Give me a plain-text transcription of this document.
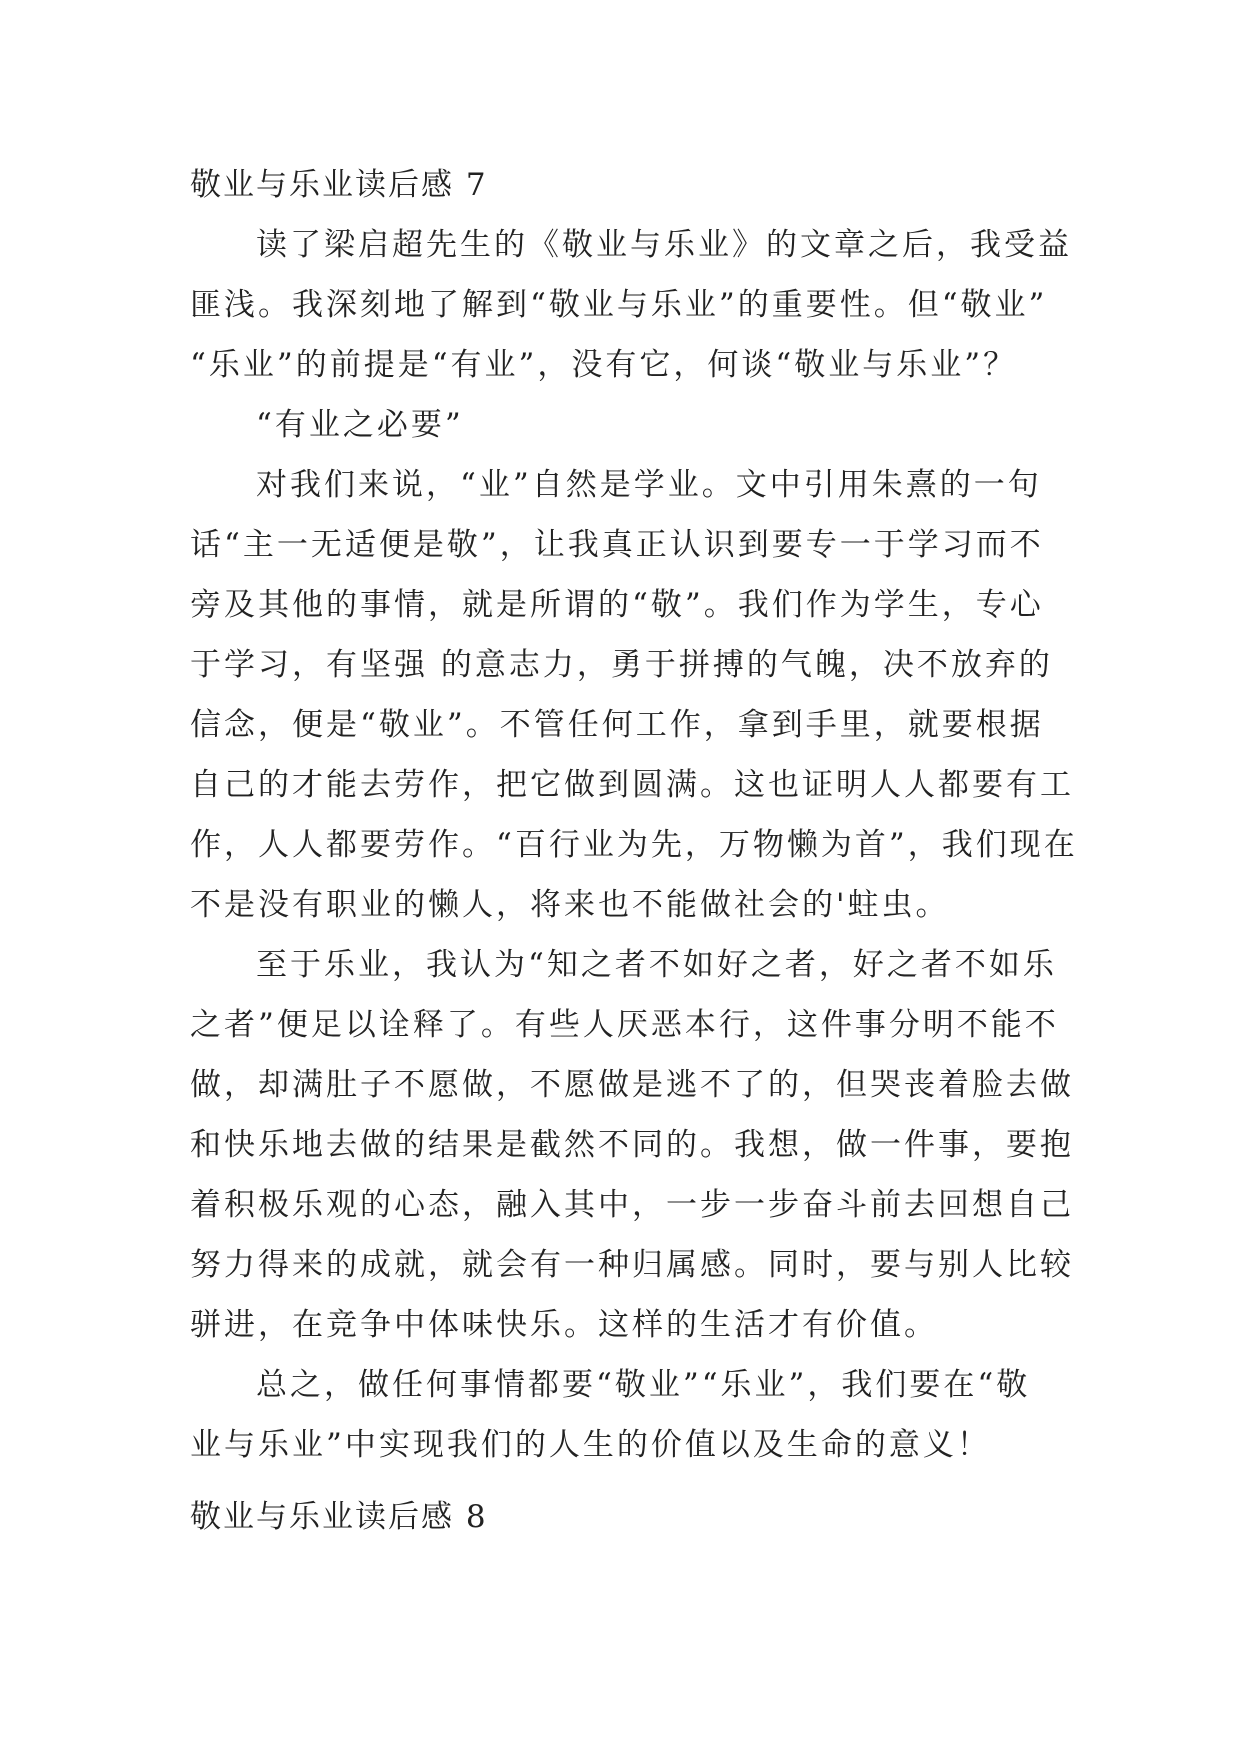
敬业与乐业读后感 7

读了梁启超先生的《敬业与乐业》的文章之后，我受益
匪浅。我深刻地了解到“敬业与乐业”的重要性。但“敬业”
“乐业”的前提是“有业”，没有它，何谈“敬业与乐业”？

“有业之必要”

对我们来说，“业”自然是学业。文中引用朱熹的一句
话“主一无适便是敬”，让我真正认识到要专一于学习而不
旁及其他的事情，就是所谓的“敬”。我们作为学生，专心
于学习，有坚强 的意志力，勇于拼搏的气魄，决不放弃的
信念，便是“敬业”。不管任何工作，拿到手里，就要根据
自己的才能去劳作，把它做到圆满。这也证明人人都要有工
作，人人都要劳作。“百行业为先，万物懒为首”，我们现在
不是没有职业的懒人，将来也不能做社会的'蛀虫。

至于乐业，我认为“知之者不如好之者，好之者不如乐
之者”便足以诠释了。有些人厌恶本行，这件事分明不能不
做，却满肚子不愿做，不愿做是逃不了的，但哭丧着脸去做
和快乐地去做的结果是截然不同的。我想，做一件事，要抱
着积极乐观的心态，融入其中，一步一步奋斗前去回想自己
努力得来的成就，就会有一种归属感。同时，要与别人比较
骈进，在竞争中体味快乐。这样的生活才有价值。

总之，做任何事情都要“敬业”“乐业”，我们要在“敬
业与乐业”中实现我们的人生的价值以及生命的意义！

敬业与乐业读后感 8
